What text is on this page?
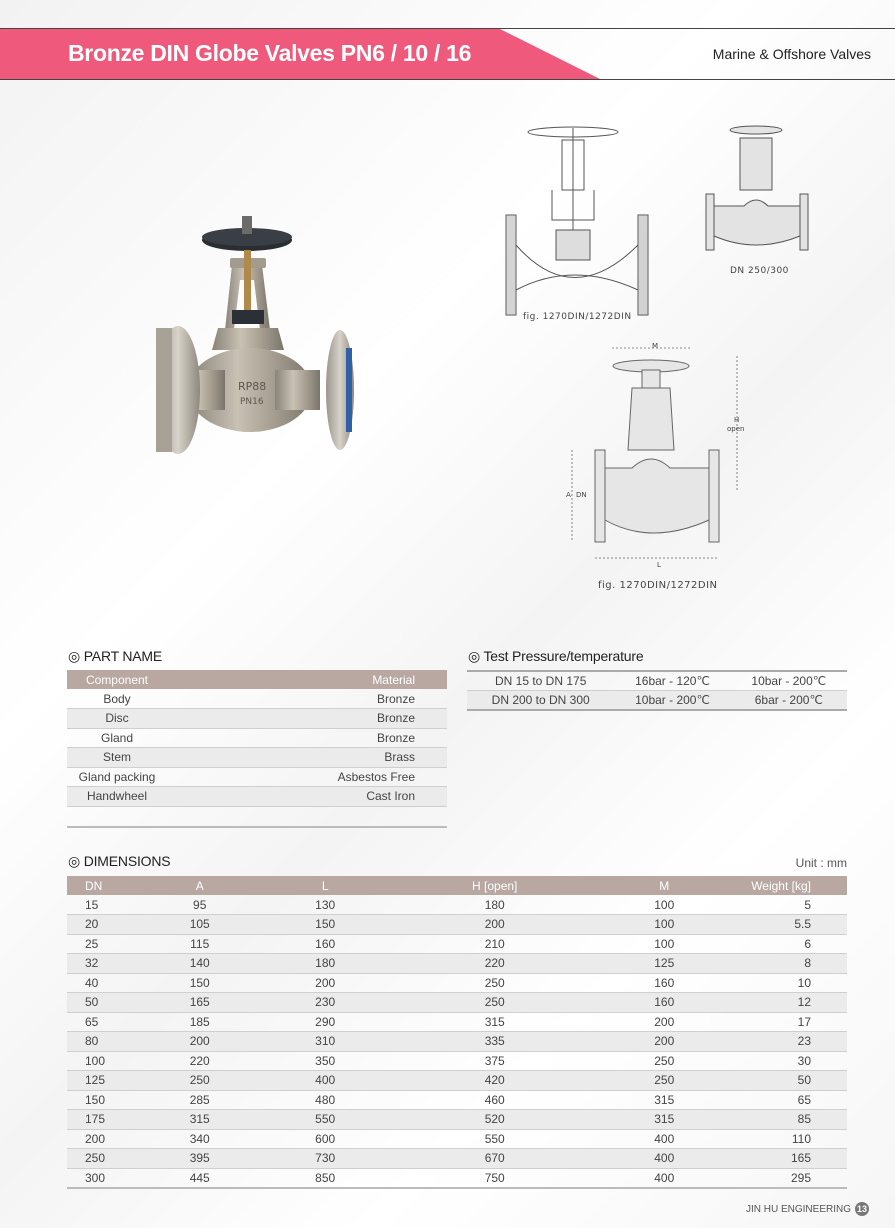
Bronze DIN Globe Valves PN6 / 10 / 16	Marine & Offshore Valves
RP88
PN16
fig. 1270DIN/1272DIN
DN 250/300
M
H
open
A DN
L
fig. 1270DIN/1272DIN
◎ PART NAME
Component	Material
Body	Bronze
Disc	Bronze
Gland	Bronze
Stem	Brass
Gland packing	Asbestos Free
Handwheel	Cast Iron
◎ Test Pressure/temperature
DN 15 to DN 175	16bar - 120℃	10bar - 200℃
DN 200 to DN 300	10bar - 200℃	6bar - 200℃
◎ DIMENSIONS	Unit : mm
DN	A	L	H [open]	M	Weight [kg]
15	95	130	180	100	5
20	105	150	200	100	5.5
25	115	160	210	100	6
32	140	180	220	125	8
40	150	200	250	160	10
50	165	230	250	160	12
65	185	290	315	200	17
80	200	310	335	200	23
100	220	350	375	250	30
125	250	400	420	250	50
150	285	480	460	315	65
175	315	550	520	315	85
200	340	600	550	400	110
250	395	730	670	400	165
300	445	850	750	400	295
JIN HU ENGINEERING 13
